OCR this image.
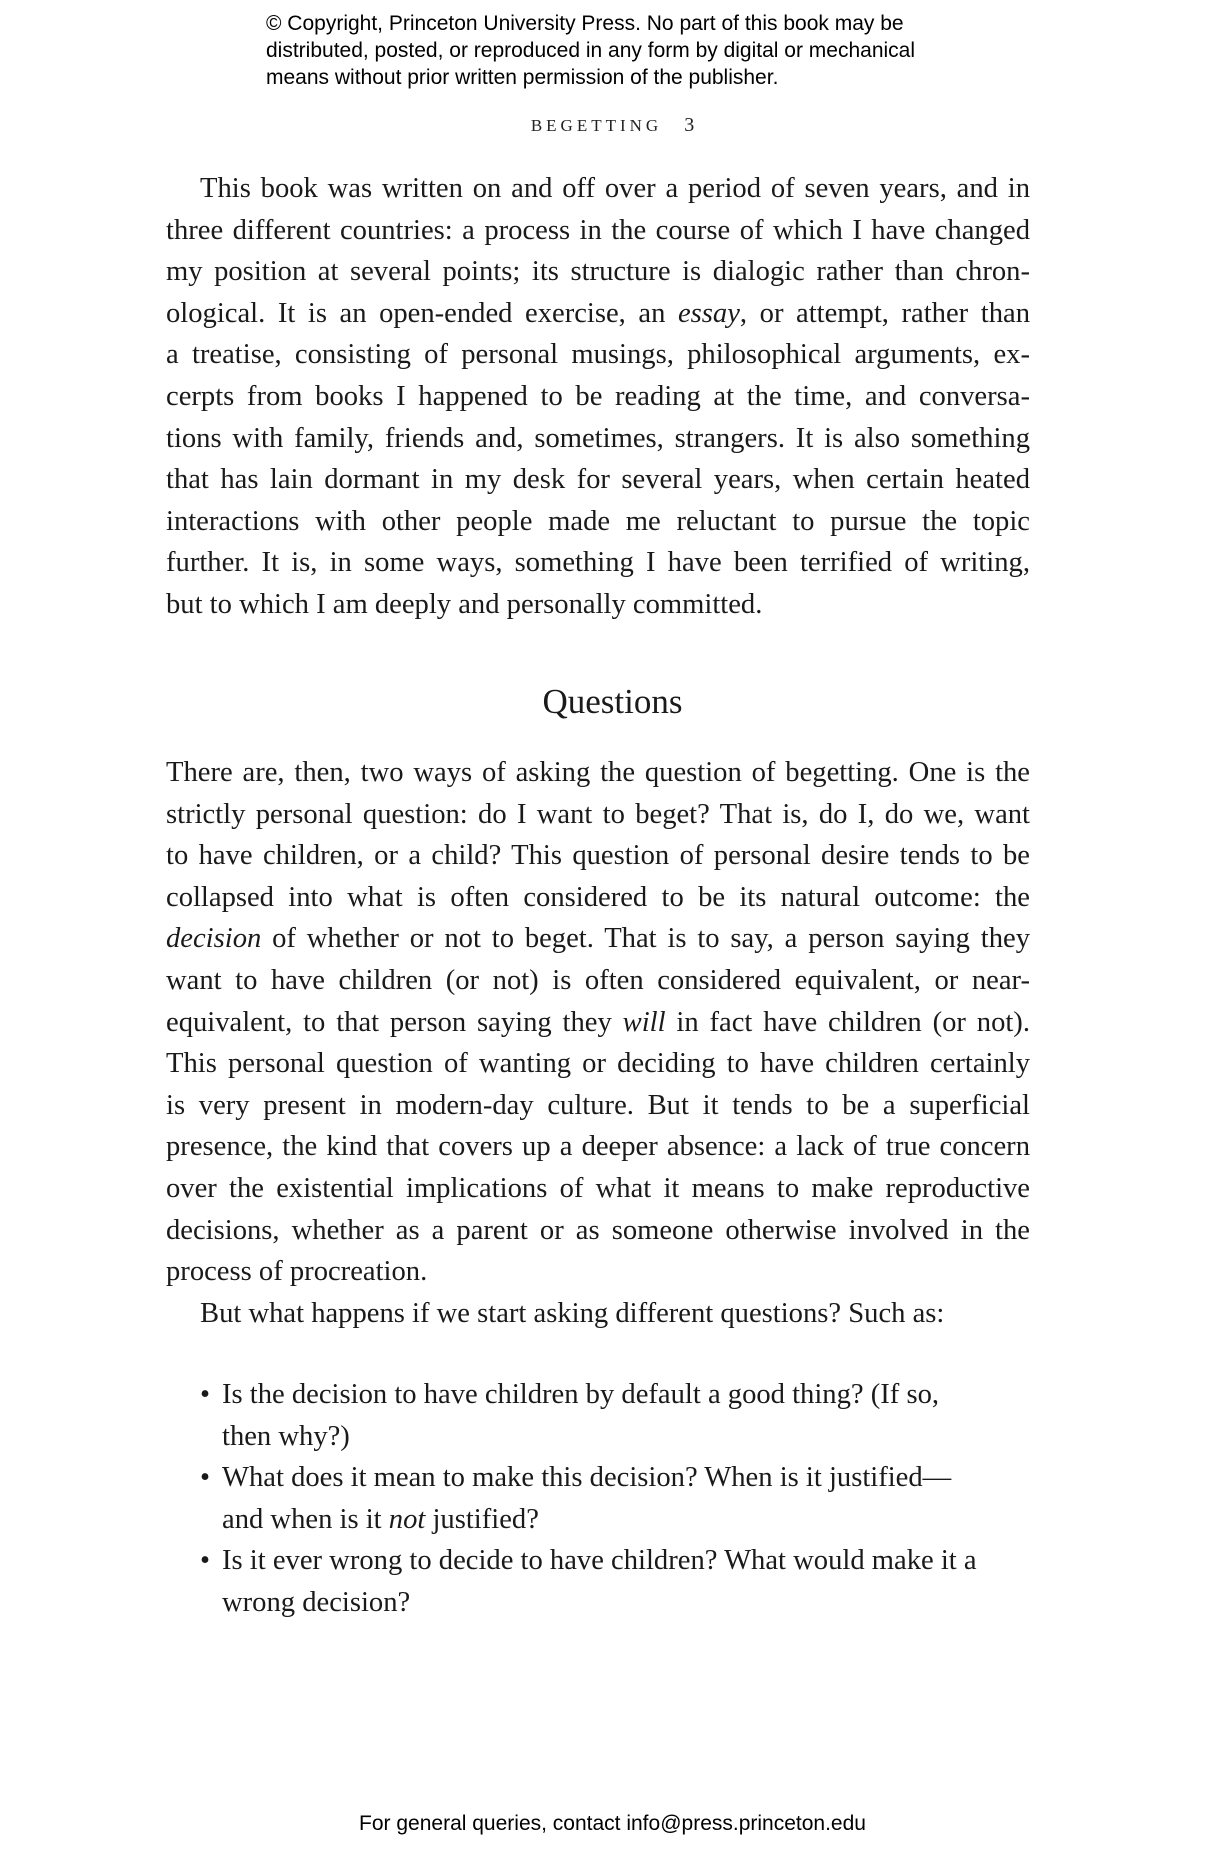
© Copyright, Princeton University Press. No part of this book may be
distributed, posted, or reproduced in any form by digital or mechanical
means without prior written permission of the publisher.
BEGETTING 3
This book was written on and off over a period of seven years, and in
three different countries: a process in the course of which I have changed
my position at several points; its structure is dialogic rather than chron-
ological. It is an open-ended exercise, an essay, or attempt, rather than
a treatise, consisting of personal musings, philosophical arguments, ex-
cerpts from books I happened to be reading at the time, and conversa-
tions with family, friends and, sometimes, strangers. It is also something
that has lain dormant in my desk for several years, when certain heated
interactions with other people made me reluctant to pursue the topic
further. It is, in some ways, something I have been terrified of writing,
but to which I am deeply and personally committed.
Questions
There are, then, two ways of asking the question of begetting. One is the
strictly personal question: do I want to beget? That is, do I, do we, want
to have children, or a child? This question of personal desire tends to be
collapsed into what is often considered to be its natural outcome: the
decision of whether or not to beget. That is to say, a person saying they
want to have children (or not) is often considered equivalent, or near-
equivalent, to that person saying they will in fact have children (or not).
This personal question of wanting or deciding to have children certainly
is very present in modern-day culture. But it tends to be a superficial
presence, the kind that covers up a deeper absence: a lack of true concern
over the existential implications of what it means to make reproductive
decisions, whether as a parent or as someone otherwise involved in the
process of procreation.
But what happens if we start asking different questions? Such as:
• Is the decision to have children by default a good thing? (If so,
then why?)
• What does it mean to make this decision? When is it justified—
and when is it not justified?
• Is it ever wrong to decide to have children? What would make it a
wrong decision?
For general queries, contact info@press.princeton.edu
